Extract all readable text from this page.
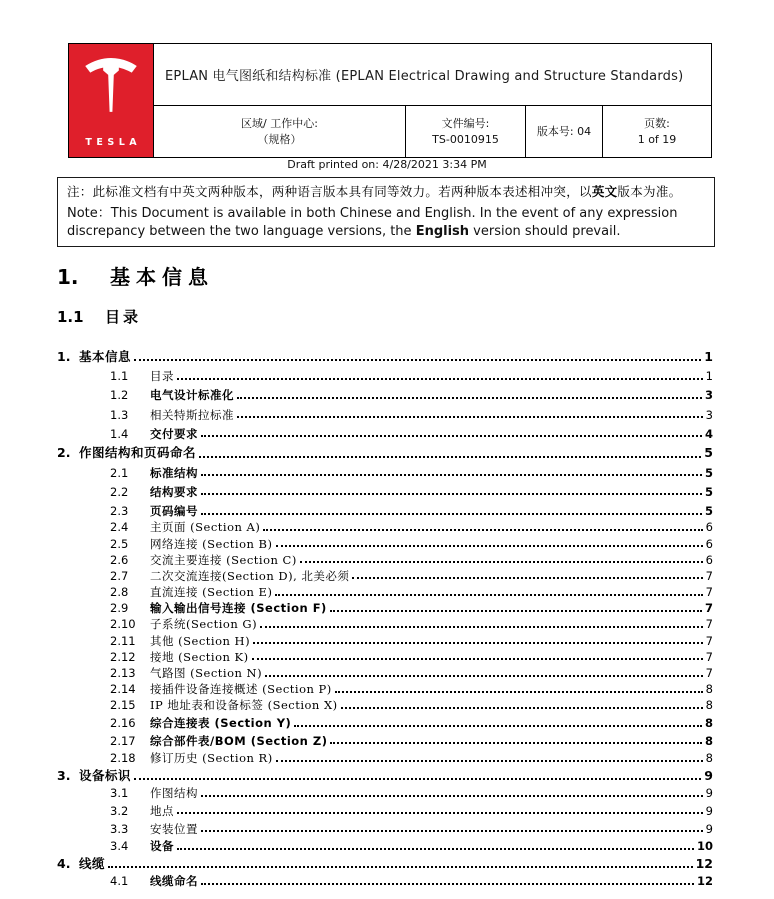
TESLA
EPLAN 电气图纸和结构标准 (EPLAN Electrical Drawing and Structure Standards)
区域/ 工作中心:
（规格）
文件编号:
TS-0010915
版本号: 04
页数:
1 of 19
Draft printed on: 4/28/2021 3:34 PM

注：此标准文档有中英文两种版本，两种语言版本具有同等效力。若两种版本表述相冲突，以英文版本为准。

Note：This Document is available in both Chinese and English. In the event of any expression discrepancy between the two language versions, the English version should prevail.

1.	基本信息
1.1	目录
1. 基本信息	1
1.1	目录	1
1.2	电气设计标准化	3
1.3	相关特斯拉标准	3
1.4	交付要求	4
2. 作图结构和页码命名	5
2.1	标准结构	5
2.2	结构要求	5
2.3	页码编号	5
2.4	主页面 (Section A)	6
2.5	网络连接 (Section B)	6
2.6	交流主要连接 (Section C)	6
2.7	二次交流连接(Section D), 北美必须	7
2.8	直流连接 (Section E)	7
2.9	输入输出信号连接 (Section F)	7
2.10	子系统(Section G)	7
2.11	其他 (Section H)	7
2.12	接地 (Section K)	7
2.13	气路图 (Section N)	7
2.14	接插件设备连接概述 (Section P)	8
2.15	IP 地址表和设备标签 (Section X)	8
2.16	综合连接表 (Section Y)	8
2.17	综合部件表/BOM (Section Z)	8
2.18	修订历史 (Section R)	8
3. 设备标识	9
3.1	作图结构	9
3.2	地点	9
3.3	安装位置	9
3.4	设备	10
4. 线缆	12
4.1	线缆命名	12
